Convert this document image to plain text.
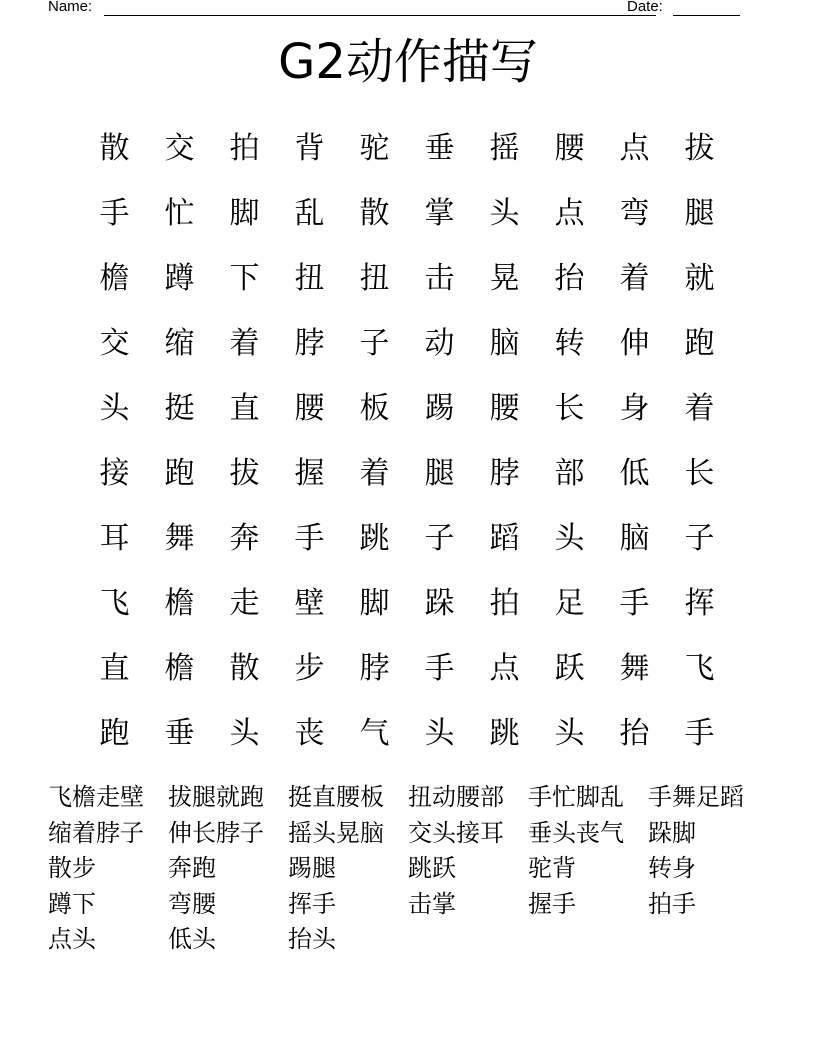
Name:	Date:
G2动作描写
散	交	拍	背	驼	垂	摇	腰	点	拔
手	忙	脚	乱	散	掌	头	点	弯	腿
檐	蹲	下	扭	扭	击	晃	抬	着	就
交	缩	着	脖	子	动	脑	转	伸	跑
头	挺	直	腰	板	踢	腰	长	身	着
接	跑	拔	握	着	腿	脖	部	低	长
耳	舞	奔	手	跳	子	蹈	头	脑	子
飞	檐	走	壁	脚	跺	拍	足	手	挥
直	檐	散	步	脖	手	点	跃	舞	飞
跑	垂	头	丧	气	头	跳	头	抬	手
飞檐走壁	拔腿就跑	挺直腰板	扭动腰部	手忙脚乱	手舞足蹈
缩着脖子	伸长脖子	摇头晃脑	交头接耳	垂头丧气	跺脚
散步	奔跑	踢腿	跳跃	驼背	转身
蹲下	弯腰	挥手	击掌	握手	拍手
点头	低头	抬头
